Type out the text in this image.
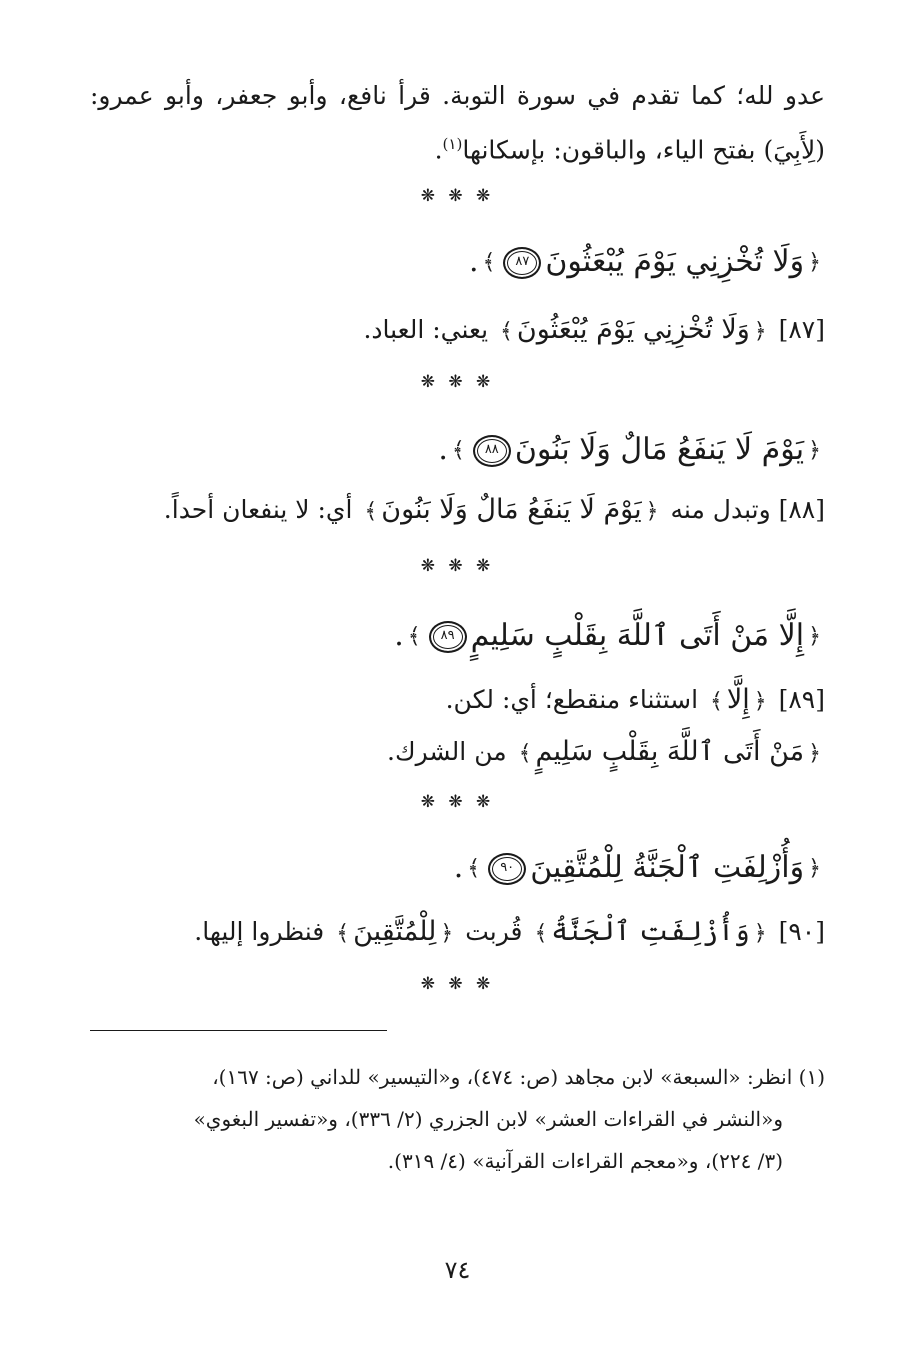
عدو لله؛ كما تقدم في سورة التوبة. قرأ نافع، وأبو جعفر، وأبو عمرو:
(لِأَبِيَ) بفتح الياء، والباقون: بإسكانها$^{(١)}$.
❋ ❋ ❋
﴿وَلَا تُخْزِنِي يَوْمَ يُبْعَثُونَ٨٧﴾.
[٨٧] ﴿وَلَا تُخْزِنِي يَوْمَ يُبْعَثُونَ﴾ يعني: العباد.
❋ ❋ ❋
﴿يَوْمَ لَا يَنفَعُ مَالٌ وَلَا بَنُونَ٨٨﴾.
[٨٨] وتبدل منه ﴿يَوْمَ لَا يَنفَعُ مَالٌ وَلَا بَنُونَ﴾ أي: لا ينفعان أحداً.
❋ ❋ ❋
﴿إِلَّا مَنْ أَتَى ٱللَّهَ بِقَلْبٍ سَلِيمٍ٨٩﴾.
[٨٩] ﴿إِلَّا﴾ استثناء منقطع؛ أي: لكن.
﴿مَنْ أَتَى ٱللَّهَ بِقَلْبٍ سَلِيمٍ﴾ من الشرك.
❋ ❋ ❋
﴿وَأُزْلِفَتِ ٱلْجَنَّةُ لِلْمُتَّقِينَ٩٠﴾.
[٩٠] ﴿وَأُزْلِفَتِ ٱلْجَنَّةُ﴾ قُربت ﴿لِلْمُتَّقِينَ﴾ فنظروا إليها.
❋ ❋ ❋
(١) انظر: «السبعة» لابن مجاهد (ص: ٤٧٤)، و«التيسير» للداني (ص: ١٦٧)،
و«النشر في القراءات العشر» لابن الجزري (٢/ ٣٣٦)، و«تفسير البغوي»
(٣/ ٢٢٤)، و«معجم القراءات القرآنية» (٤/ ٣١٩).
٧٤
